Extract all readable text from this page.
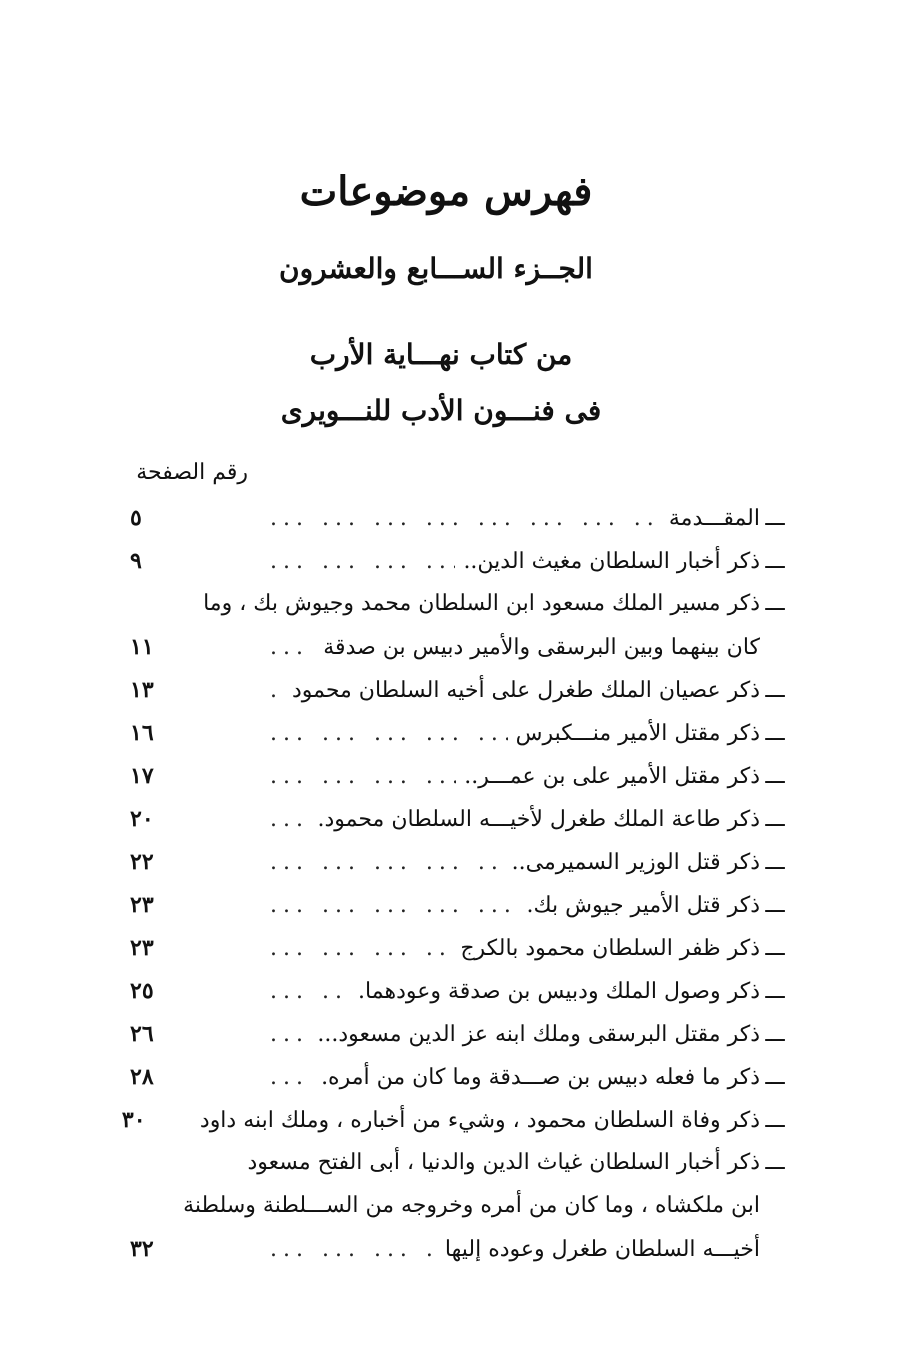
فهرس موضوعات
الجــزء الســـابع والعشرون
من كتاب نهـــاية الأرب
فى فنـــون الأدب للنـــويرى
رقم الصفحة
ـــ
المقـــدمة
... .
٥
ـــ
ذكر أخبار السلطان مغيث الدين..
... .
٩
ـــ
ذكر مسير الملك مسعود ابن السلطان محمد وجيوش بك ، وما
كان بينهما وبين البرسقى والأمير دبيس بن صدقة
... .
١١
ـــ
ذكر عصيان الملك طغرل على أخيه السلطان محمود
... .
١٣
ـــ
ذكر مقتل الأمير منـــكبرس
... .
١٦
ـــ
ذكر مقتل الأمير على بن عمـــر..
... .
١٧
ـــ
ذكر طاعة الملك طغرل لأخيـــه السلطان محمود.
... .
٢٠
ـــ
ذكر قتل الوزير السميرمى..
... .
٢٢
ـــ
ذكر قتل الأمير جيوش بك.
... .
٢٣
ـــ
ذكر ظفر السلطان محمود بالكرج
... .
٢٣
ـــ
ذكر وصول الملك ودبيس بن صدقة وعودهما.
... .
٢٥
ـــ
ذكر مقتل البرسقى وملك ابنه عز الدين مسعود...
... .
٢٦
ـــ
ذكر ما فعله دبيس بن صـــدقة وما كان من أمره.
... .
٢٨
ـــ
ذكر وفاة السلطان محمود ، وشيء من أخباره ، وملك ابنه داود
٣٠
ـــ
ذكر أخبار السلطان غياث الدين والدنيا ، أبى الفتح مسعود
ابن ملكشاه ، وما كان من أمره وخروجه من الســـلطنة وسلطنة
أخيـــه السلطان طغرل وعوده إليها
... .
٣٢
